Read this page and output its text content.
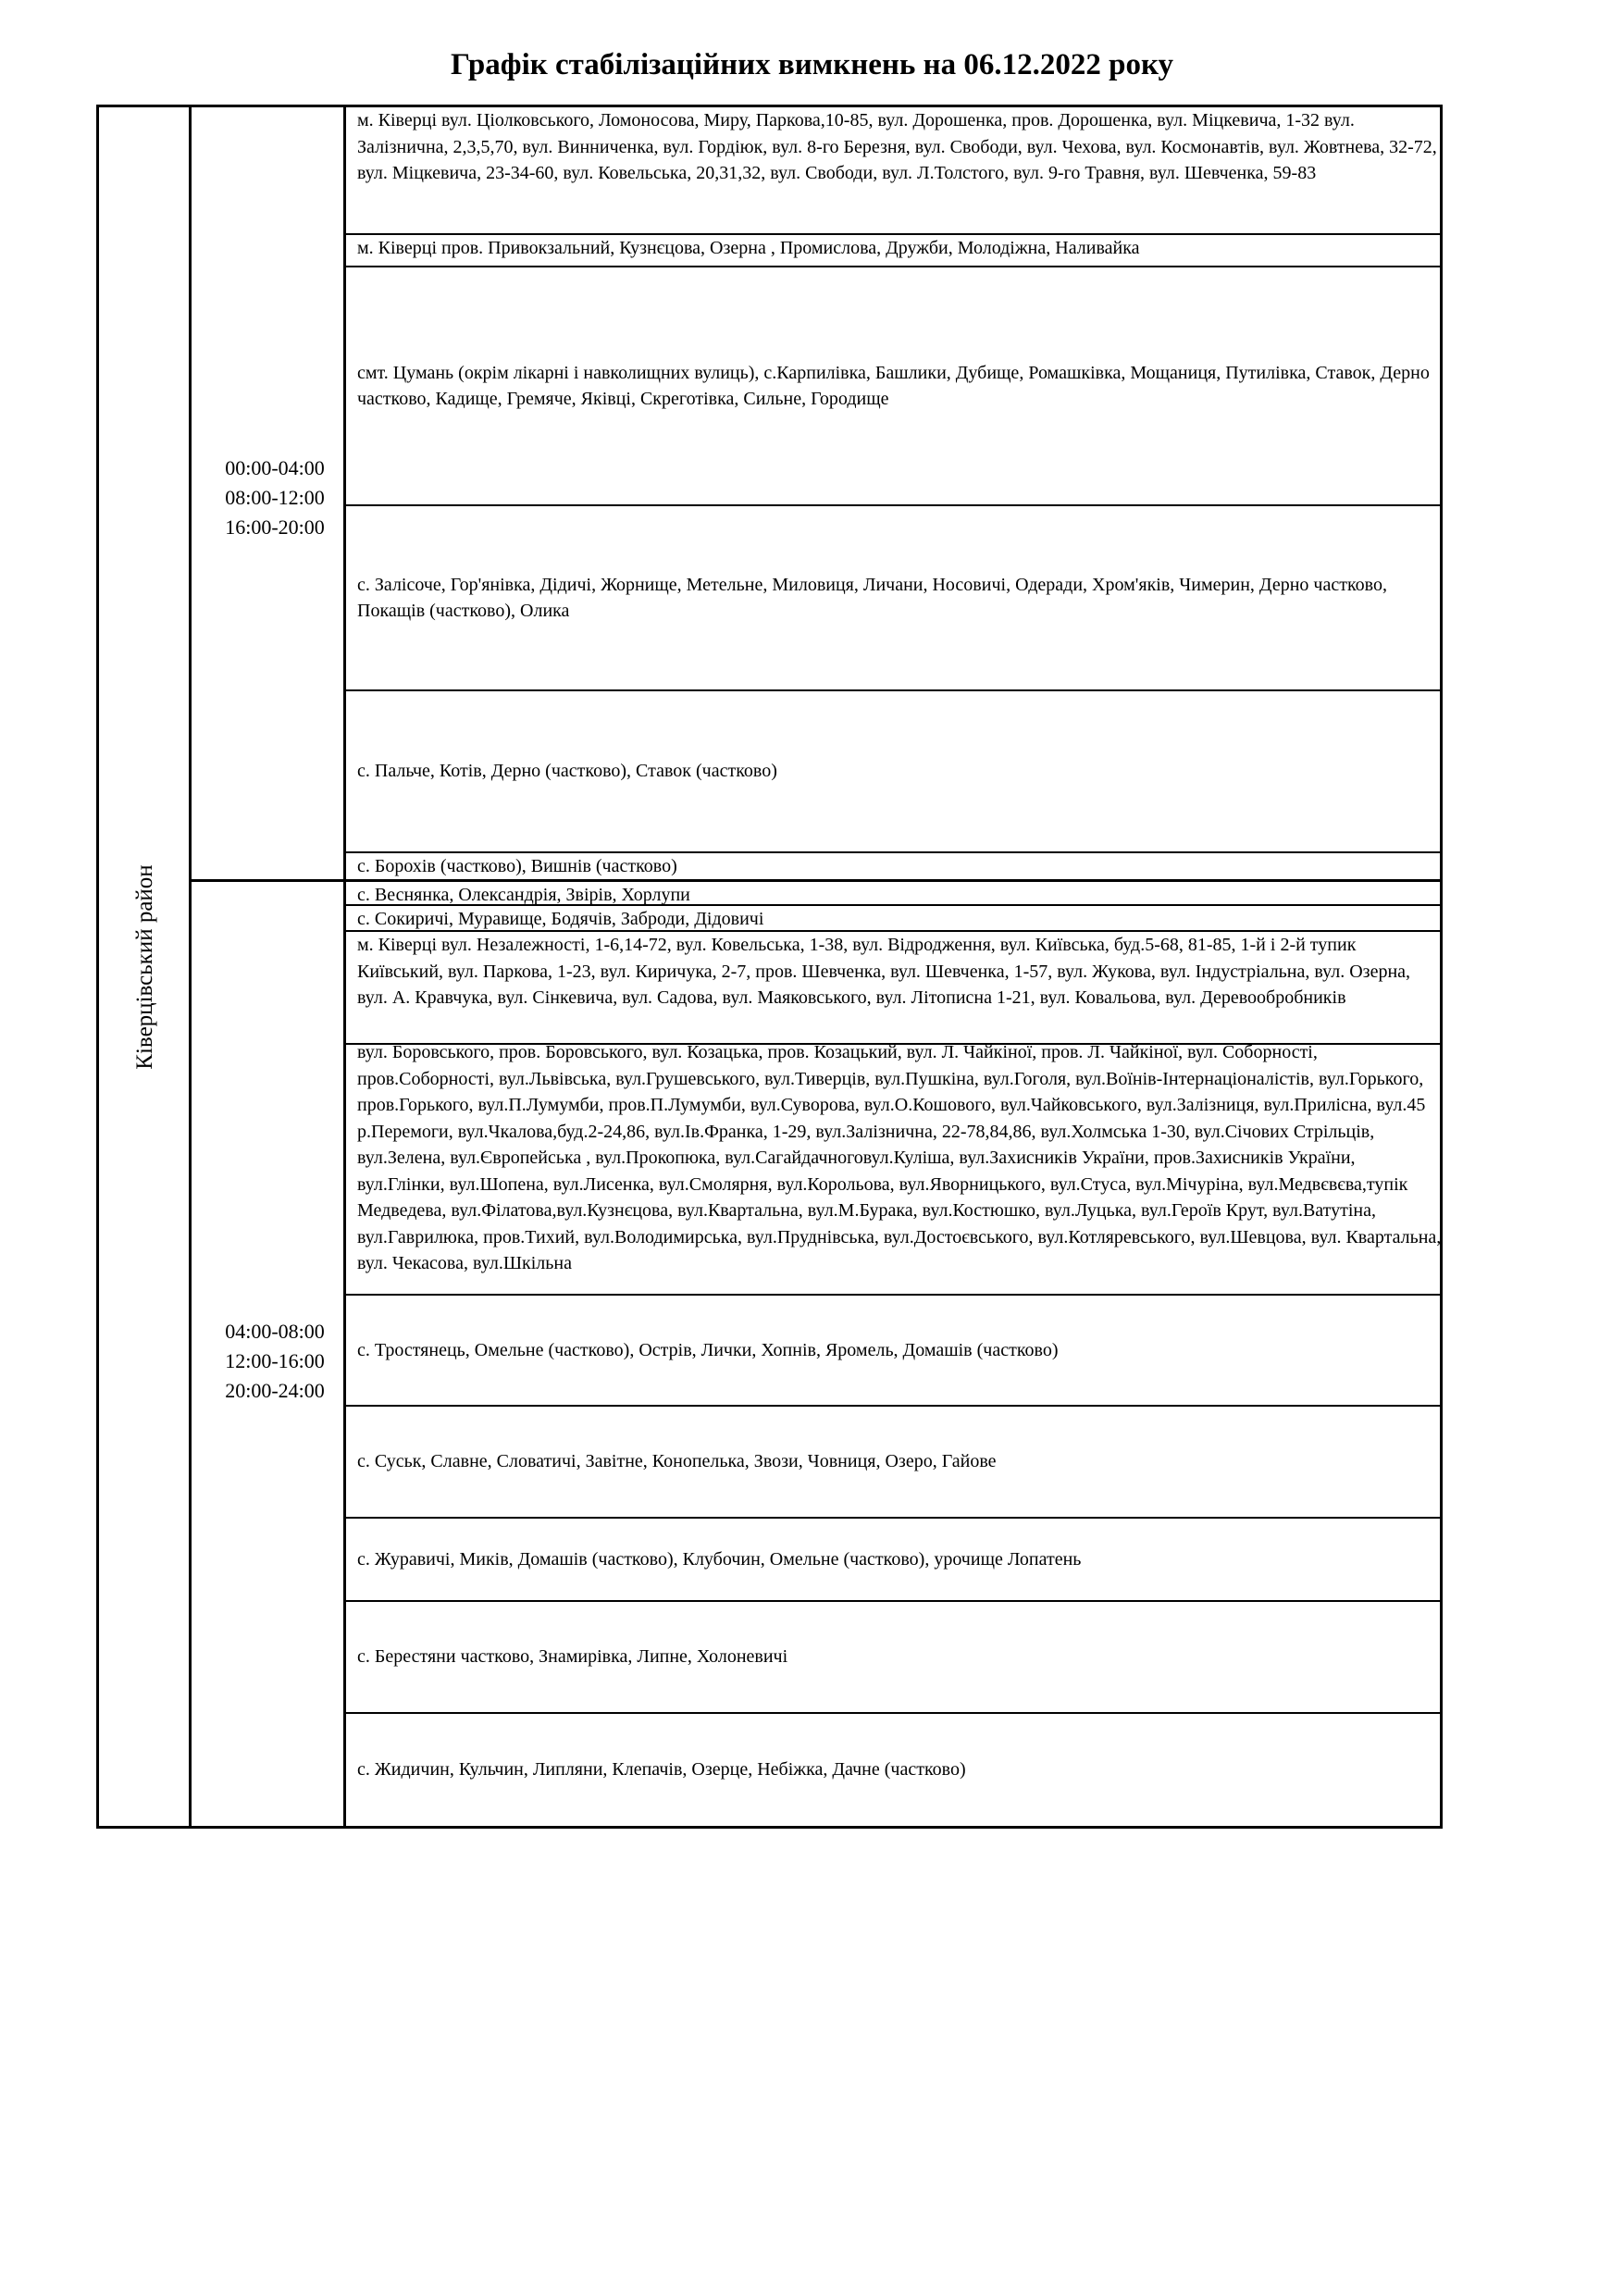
Графік стабілізаційних вимкнень на 06.12.2022 року
Ківерцівський район
00:00-04:00
08:00-12:00
16:00-20:00
04:00-08:00
12:00-16:00
20:00-24:00
м. Ківерці вул. Ціолковського, Ломоносова, Миру, Паркова,10-85, вул. Дорошенка, пров. Дорошенка, вул. Міцкевича, 1-32 вул. Залізнична, 2,3,5,70, вул. Винниченка, вул. Гордіюк, вул. 8-го Березня, вул. Свободи, вул. Чехова, вул. Космонавтів, вул. Жовтнева, 32-72, вул. Міцкевича, 23-34-60, вул. Ковельська, 20,31,32, вул. Свободи, вул. Л.Толстого, вул. 9-го Травня, вул. Шевченка, 59-83
м. Ківерці пров. Привокзальний, Кузнєцова, Озерна , Промислова, Дружби, Молодіжна, Наливайка
смт. Цумань (окрім лікарні і навколищних вулиць), с.Карпилівка, Башлики, Дубище, Ромашківка, Мощаниця, Путилівка, Ставок, Дерно частково, Кадище, Гремяче, Яківці, Скреготівка, Сильне, Городище
с. Залісоче, Гор'янівка, Дідичі, Жорнище, Метельне, Миловиця, Личани, Носовичі, Одеради, Хром'яків, Чимерин, Дерно частково, Покащів (частково), Олика
с. Пальче, Котів, Дерно (частково), Ставок (частково)
с. Борохів (частково), Вишнів (частково)
с. Веснянка, Олександрія, Звірів, Хорлупи
с. Сокиричі, Муравище, Бодячів, Заброди, Дідовичі
м. Ківерці вул. Незалежності, 1-6,14-72, вул. Ковельська, 1-38, вул. Відродження, вул. Київська, буд.5-68, 81-85, 1-й і 2-й тупик Київський, вул. Паркова, 1-23, вул. Киричука, 2-7, пров. Шевченка, вул. Шевченка, 1-57, вул. Жукова, вул. Індустріальна, вул. Озерна, вул. А. Кравчука, вул. Сінкевича, вул. Садова, вул. Маяковського, вул. Літописна 1-21, вул. Ковальова, вул. Деревообробників
вул. Боровського, пров. Боровського, вул. Козацька, пров. Козацький, вул. Л. Чайкіної, пров. Л. Чайкіної, вул. Соборності, пров.Соборності, вул.Львівська, вул.Грушевського, вул.Тиверців, вул.Пушкіна, вул.Гоголя, вул.Воїнів-Інтернаціоналістів, вул.Горького, пров.Горького, вул.П.Лумумби, пров.П.Лумумби, вул.Суворова, вул.О.Кошового, вул.Чайковського, вул.Залізниця, вул.Прилісна, вул.45 р.Перемоги, вул.Чкалова,буд.2-24,86, вул.Ів.Франка, 1-29, вул.Залізнична, 22-78,84,86, вул.Холмська 1-30, вул.Січових Стрільців, вул.Зелена, вул.Європейська , вул.Прокопюка, вул.Сагайдачноговул.Куліша, вул.Захисників України, пров.Захисників України, вул.Глінки, вул.Шопена, вул.Лисенка, вул.Смолярня, вул.Корольова, вул.Яворницького, вул.Стуса, вул.Мічуріна, вул.Медвєвєва,тупік Медведева, вул.Філатова,вул.Кузнєцова, вул.Квартальна, вул.М.Бурака, вул.Костюшко, вул.Луцька, вул.Героїв Крут, вул.Ватутіна, вул.Гаврилюка, пров.Тихий, вул.Володимирська, вул.Пруднівська, вул.Достоєвського, вул.Котляревського, вул.Шевцова, вул. Квартальна, вул. Чекасова, вул.Шкільна
с. Тростянець, Омельне (частково), Острів, Лички, Хопнів, Яромель, Домашів (частково)
с. Суськ, Славне, Словатичі, Завітне, Конопелька, Звози, Човниця, Озеро, Гайове
с. Журавичі, Миків, Домашів (частково), Клубочин, Омельне (частково), урочище Лопатень
с. Берестяни частково, Знамирівка, Липне, Холоневичі
с. Жидичин, Кульчин, Липляни, Клепачів, Озерце, Небіжка, Дачне (частково)
